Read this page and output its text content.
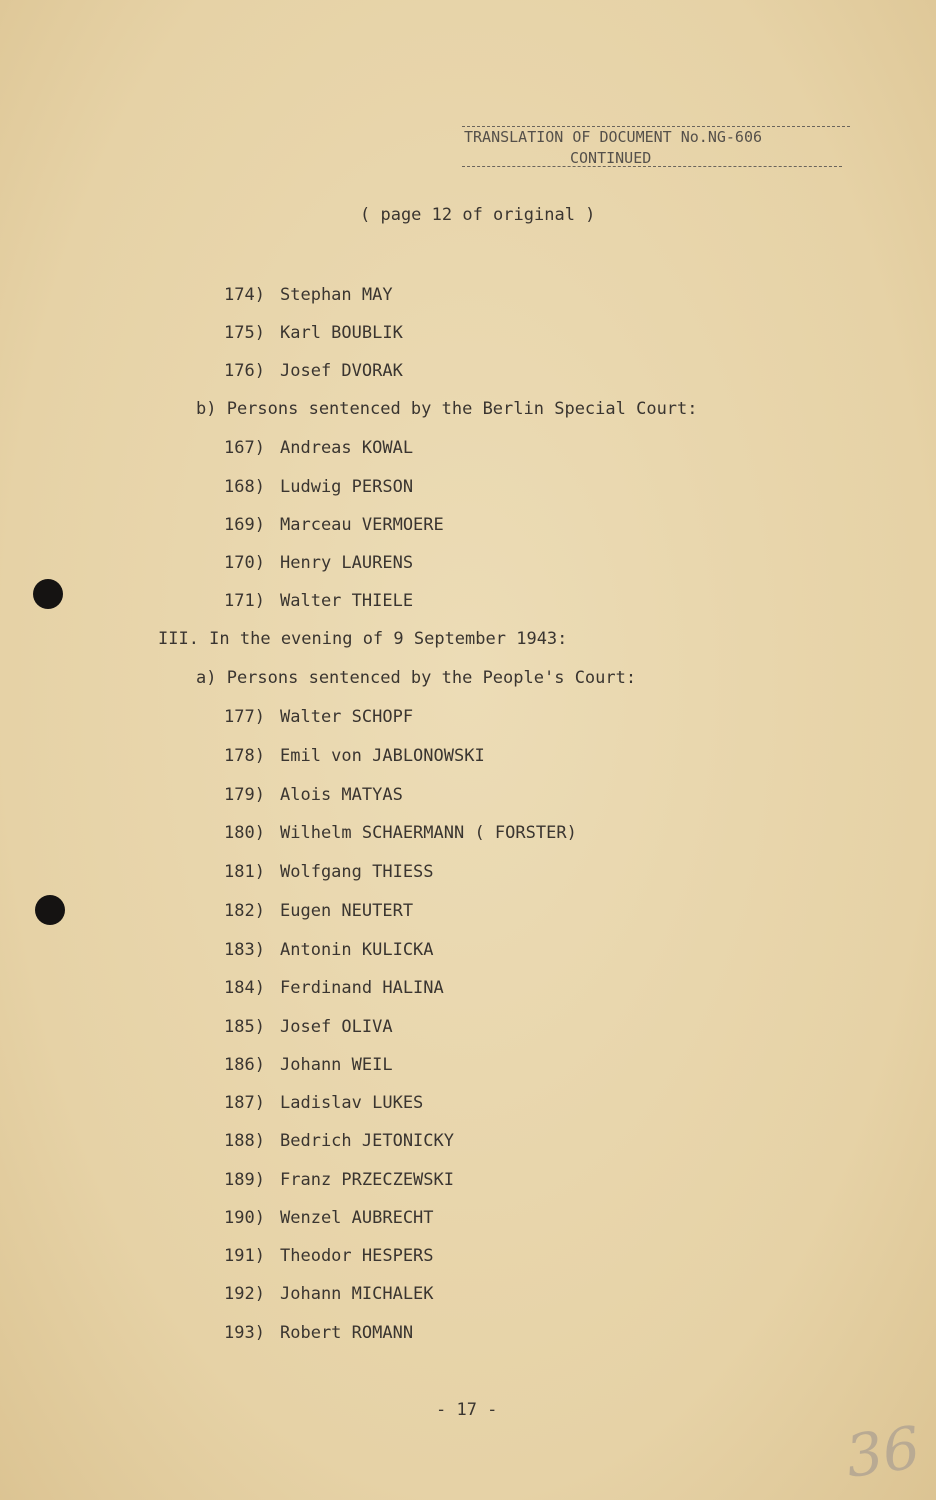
TRANSLATION OF DOCUMENT No.NG-606
CONTINUED
( page 12 of original )
174) Stephan MAY
175) Karl BOUBLIK
176) Josef DVORAK
b) Persons sentenced by the Berlin Special Court:
167) Andreas KOWAL
168) Ludwig PERSON
169) Marceau VERMOERE
170) Henry LAURENS
171) Walter THIELE
III. In the evening of 9 September 1943:
a) Persons sentenced by the People's Court:
177) Walter SCHOPF
178) Emil von JABLONOWSKI
179) Alois MATYAS
180) Wilhelm SCHAERMANN ( FORSTER)
181) Wolfgang THIESS
182) Eugen NEUTERT
183) Antonin KULICKA
184) Ferdinand HALINA
185) Josef OLIVA
186) Johann WEIL
187) Ladislav LUKES
188) Bedrich JETONICKY
189) Franz PRZECZEWSKI
190) Wenzel AUBRECHT
191) Theodor HESPERS
192) Johann MICHALEK
193) Robert ROMANN
- 17 -
36
